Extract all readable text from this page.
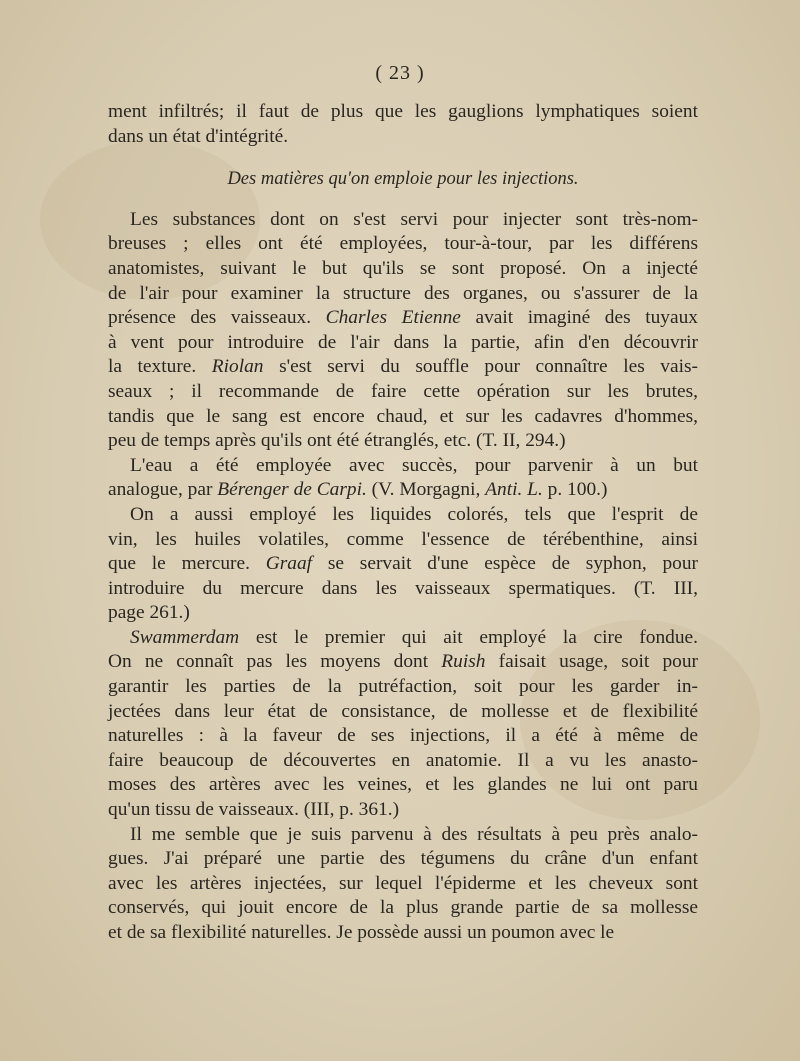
( 23 )
ment infiltrés; il faut de plus que les gauglions lymphatiques soient
dans un état d'intégrité.
Des matières qu'on emploie pour les injections.
Les substances dont on s'est servi pour injecter sont très-nom-
breuses ; elles ont été employées, tour-à-tour, par les différens
anatomistes, suivant le but qu'ils se sont proposé. On a injecté
de l'air pour examiner la structure des organes, ou s'assurer de la
présence des vaisseaux. Charles Etienne avait imaginé des tuyaux
à vent pour introduire de l'air dans la partie, afin d'en découvrir
la texture. Riolan s'est servi du souffle pour connaître les vais-
seaux ; il recommande de faire cette opération sur les brutes,
tandis que le sang est encore chaud, et sur les cadavres d'hommes,
peu de temps après qu'ils ont été étranglés, etc. (T. II, 294.)
L'eau a été employée avec succès, pour parvenir à un but
analogue, par Bérenger de Carpi. (V. Morgagni, Anti. L. p. 100.)
On a aussi employé les liquides colorés, tels que l'esprit de
vin, les huiles volatiles, comme l'essence de térébenthine, ainsi
que le mercure. Graaf se servait d'une espèce de syphon, pour
introduire du mercure dans les vaisseaux spermatiques. (T. III,
page 261.)
Swammerdam est le premier qui ait employé la cire fondue.
On ne connaît pas les moyens dont Ruish faisait usage, soit pour
garantir les parties de la putréfaction, soit pour les garder in-
jectées dans leur état de consistance, de mollesse et de flexibilité
naturelles : à la faveur de ses injections, il a été à même de
faire beaucoup de découvertes en anatomie. Il a vu les anasto-
moses des artères avec les veines, et les glandes ne lui ont paru
qu'un tissu de vaisseaux. (III, p. 361.)
Il me semble que je suis parvenu à des résultats à peu près analo-
gues. J'ai préparé une partie des tégumens du crâne d'un enfant
avec les artères injectées, sur lequel l'épiderme et les cheveux sont
conservés, qui jouit encore de la plus grande partie de sa mollesse
et de sa flexibilité naturelles. Je possède aussi un poumon avec le
